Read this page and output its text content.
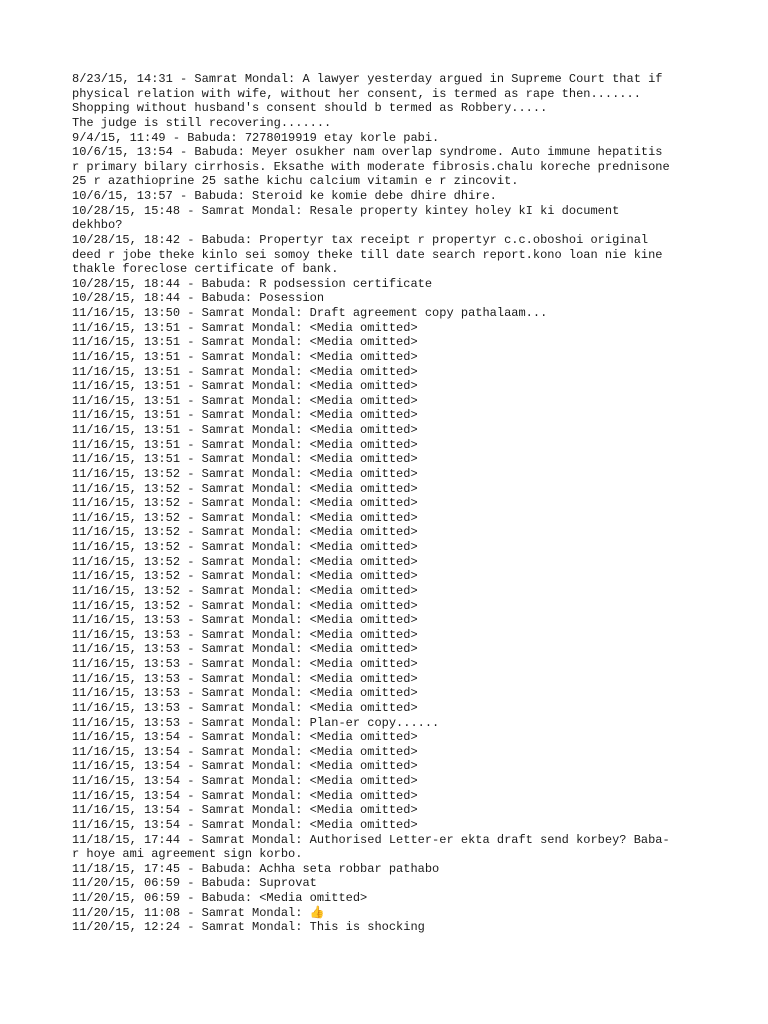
8/23/15, 14:31 - Samrat Mondal: A lawyer yesterday argued in Supreme Court that if
physical relation with wife, without her consent, is termed as rape then.......
Shopping without husband's consent should b termed as Robbery.....
The judge is still recovering.......
9/4/15, 11:49 - Babuda: 7278019919 etay korle pabi.
10/6/15, 13:54 - Babuda: Meyer osukher nam overlap syndrome. Auto immune hepatitis
r primary bilary cirrhosis. Eksathe with moderate fibrosis.chalu koreche prednisone
25 r azathioprine 25 sathe kichu calcium vitamin e r zincovit.
10/6/15, 13:57 - Babuda: Steroid ke komie debe dhire dhire.
10/28/15, 15:48 - Samrat Mondal: Resale property kintey holey kI ki document
dekhbo?
10/28/15, 18:42 - Babuda: Propertyr tax receipt r propertyr c.c.oboshoi original
deed r jobe theke kinlo sei somoy theke till date search report.kono loan nie kine
thakle foreclose certificate of bank.
10/28/15, 18:44 - Babuda: R podsession certificate
10/28/15, 18:44 - Babuda: Posession
11/16/15, 13:50 - Samrat Mondal: Draft agreement copy pathalaam...
11/16/15, 13:51 - Samrat Mondal: <Media omitted>
11/16/15, 13:51 - Samrat Mondal: <Media omitted>
11/16/15, 13:51 - Samrat Mondal: <Media omitted>
11/16/15, 13:51 - Samrat Mondal: <Media omitted>
11/16/15, 13:51 - Samrat Mondal: <Media omitted>
11/16/15, 13:51 - Samrat Mondal: <Media omitted>
11/16/15, 13:51 - Samrat Mondal: <Media omitted>
11/16/15, 13:51 - Samrat Mondal: <Media omitted>
11/16/15, 13:51 - Samrat Mondal: <Media omitted>
11/16/15, 13:51 - Samrat Mondal: <Media omitted>
11/16/15, 13:52 - Samrat Mondal: <Media omitted>
11/16/15, 13:52 - Samrat Mondal: <Media omitted>
11/16/15, 13:52 - Samrat Mondal: <Media omitted>
11/16/15, 13:52 - Samrat Mondal: <Media omitted>
11/16/15, 13:52 - Samrat Mondal: <Media omitted>
11/16/15, 13:52 - Samrat Mondal: <Media omitted>
11/16/15, 13:52 - Samrat Mondal: <Media omitted>
11/16/15, 13:52 - Samrat Mondal: <Media omitted>
11/16/15, 13:52 - Samrat Mondal: <Media omitted>
11/16/15, 13:52 - Samrat Mondal: <Media omitted>
11/16/15, 13:53 - Samrat Mondal: <Media omitted>
11/16/15, 13:53 - Samrat Mondal: <Media omitted>
11/16/15, 13:53 - Samrat Mondal: <Media omitted>
11/16/15, 13:53 - Samrat Mondal: <Media omitted>
11/16/15, 13:53 - Samrat Mondal: <Media omitted>
11/16/15, 13:53 - Samrat Mondal: <Media omitted>
11/16/15, 13:53 - Samrat Mondal: <Media omitted>
11/16/15, 13:53 - Samrat Mondal: Plan-er copy......
11/16/15, 13:54 - Samrat Mondal: <Media omitted>
11/16/15, 13:54 - Samrat Mondal: <Media omitted>
11/16/15, 13:54 - Samrat Mondal: <Media omitted>
11/16/15, 13:54 - Samrat Mondal: <Media omitted>
11/16/15, 13:54 - Samrat Mondal: <Media omitted>
11/16/15, 13:54 - Samrat Mondal: <Media omitted>
11/16/15, 13:54 - Samrat Mondal: <Media omitted>
11/18/15, 17:44 - Samrat Mondal: Authorised Letter-er ekta draft send korbey? Baba-
r hoye ami agreement sign korbo.
11/18/15, 17:45 - Babuda: Achha seta robbar pathabo
11/20/15, 06:59 - Babuda: Suprovat
11/20/15, 06:59 - Babuda: <Media omitted>
11/20/15, 11:08 - Samrat Mondal: 👍
11/20/15, 12:24 - Samrat Mondal: This is shocking
